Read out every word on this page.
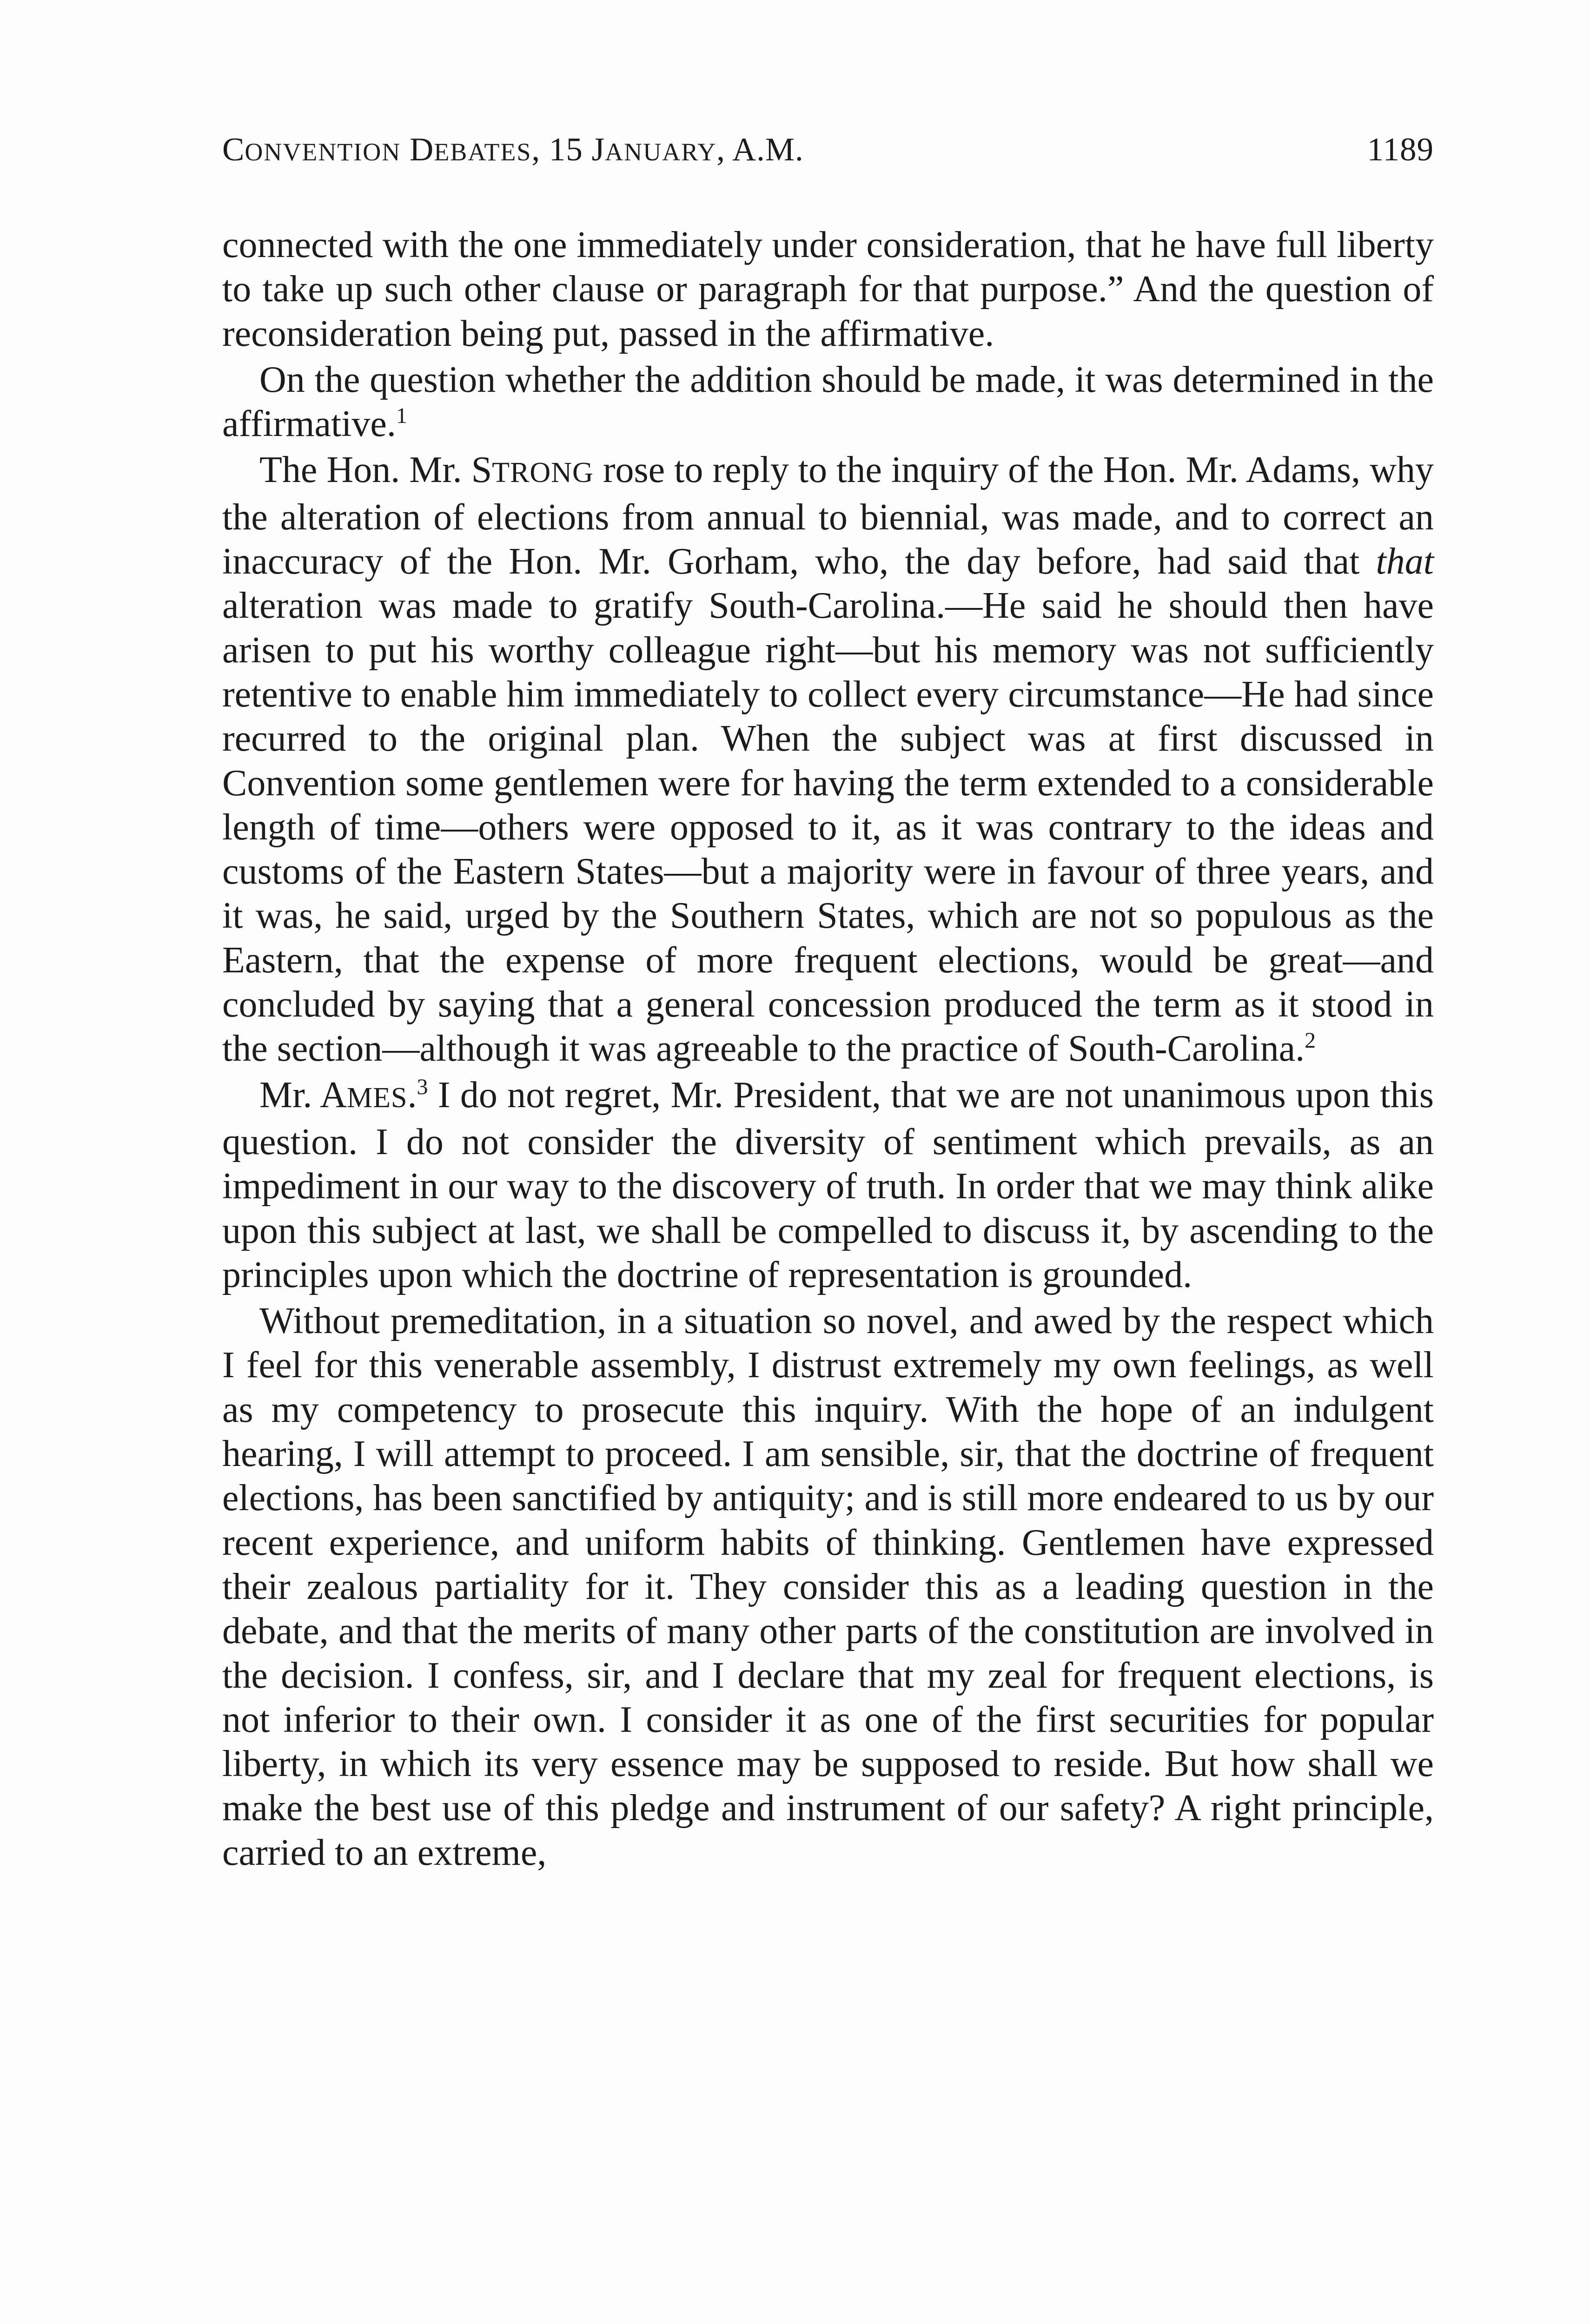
CONVENTION DEBATES, 15 JANUARY, A.M.	1189

connected with the one immediately under consideration, that he have full liberty to take up such other clause or paragraph for that purpose.” And the question of reconsideration being put, passed in the affirmative.

On the question whether the addition should be made, it was determined in the affirmative.$^1$

The Hon. Mr. STRONG rose to reply to the inquiry of the Hon. Mr. Adams, why the alteration of elections from annual to biennial, was made, and to correct an inaccuracy of the Hon. Mr. Gorham, who, the day before, had said that that alteration was made to gratify South-Carolina.—He said he should then have arisen to put his worthy colleague right—but his memory was not sufficiently retentive to enable him immediately to collect every circumstance—He had since recurred to the original plan. When the subject was at first discussed in Convention some gentlemen were for having the term extended to a considerable length of time—others were opposed to it, as it was contrary to the ideas and customs of the Eastern States—but a majority were in favour of three years, and it was, he said, urged by the Southern States, which are not so populous as the Eastern, that the expense of more frequent elections, would be great—and concluded by saying that a general concession produced the term as it stood in the section—although it was agreeable to the practice of South-Carolina.$^2$

Mr. AMES.$^3$ I do not regret, Mr. President, that we are not unanimous upon this question. I do not consider the diversity of sentiment which prevails, as an impediment in our way to the discovery of truth. In order that we may think alike upon this subject at last, we shall be compelled to discuss it, by ascending to the principles upon which the doctrine of representation is grounded.

Without premeditation, in a situation so novel, and awed by the respect which I feel for this venerable assembly, I distrust extremely my own feelings, as well as my competency to prosecute this inquiry. With the hope of an indulgent hearing, I will attempt to proceed. I am sensible, sir, that the doctrine of frequent elections, has been sanctified by antiquity; and is still more endeared to us by our recent experience, and uniform habits of thinking. Gentlemen have expressed their zealous partiality for it. They consider this as a leading question in the debate, and that the merits of many other parts of the constitution are involved in the decision. I confess, sir, and I declare that my zeal for frequent elections, is not inferior to their own. I consider it as one of the first securities for popular liberty, in which its very essence may be supposed to reside. But how shall we make the best use of this pledge and instrument of our safety? A right principle, carried to an extreme,
